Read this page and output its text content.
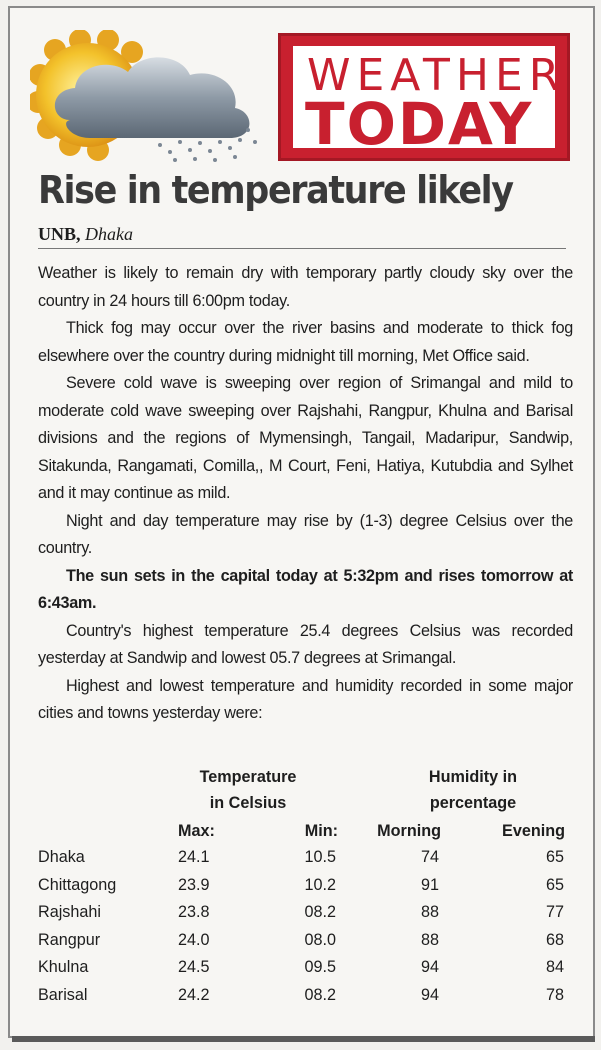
WEATHER
TODAY
Rise in temperature likely
UNB, Dhaka

Weather is likely to remain dry with temporary partly cloudy sky over the country in 24 hours till 6:00pm today.

Thick fog may occur over the river basins and moderate to thick fog elsewhere over the country during midnight till morning, Met Office said.

Severe cold wave is sweeping over region of Srimangal and mild to moderate cold wave sweeping over Rajshahi, Rangpur, Khulna and Barisal divisions and the regions of Mymensingh, Tangail, Madaripur, Sandwip, Sitakunda, Rangamati, Comilla,, M Court, Feni, Hatiya, Kutubdia and Sylhet and it may continue as mild.

Night and day temperature may rise by (1-3) degree Celsius over the country.

The sun sets in the capital today at 5:32pm and rises tomorrow at 6:43am.

Country's highest temperature 25.4 degrees Celsius was recorded yesterday at Sandwip and lowest 05.7 degrees at Srimangal.

Highest and lowest temperature and humidity recorded in some major cities and towns yesterday were:

Temperature
in Celsius
Humidity in
percentage
Max:	Min:	Morning	Evening
Dhaka	24.1	10.5	74	65
Chittagong	23.9	10.2	91	65
Rajshahi	23.8	08.2	88	77
Rangpur	24.0	08.0	88	68
Khulna	24.5	09.5	94	84
Barisal	24.2	08.2	94	78
